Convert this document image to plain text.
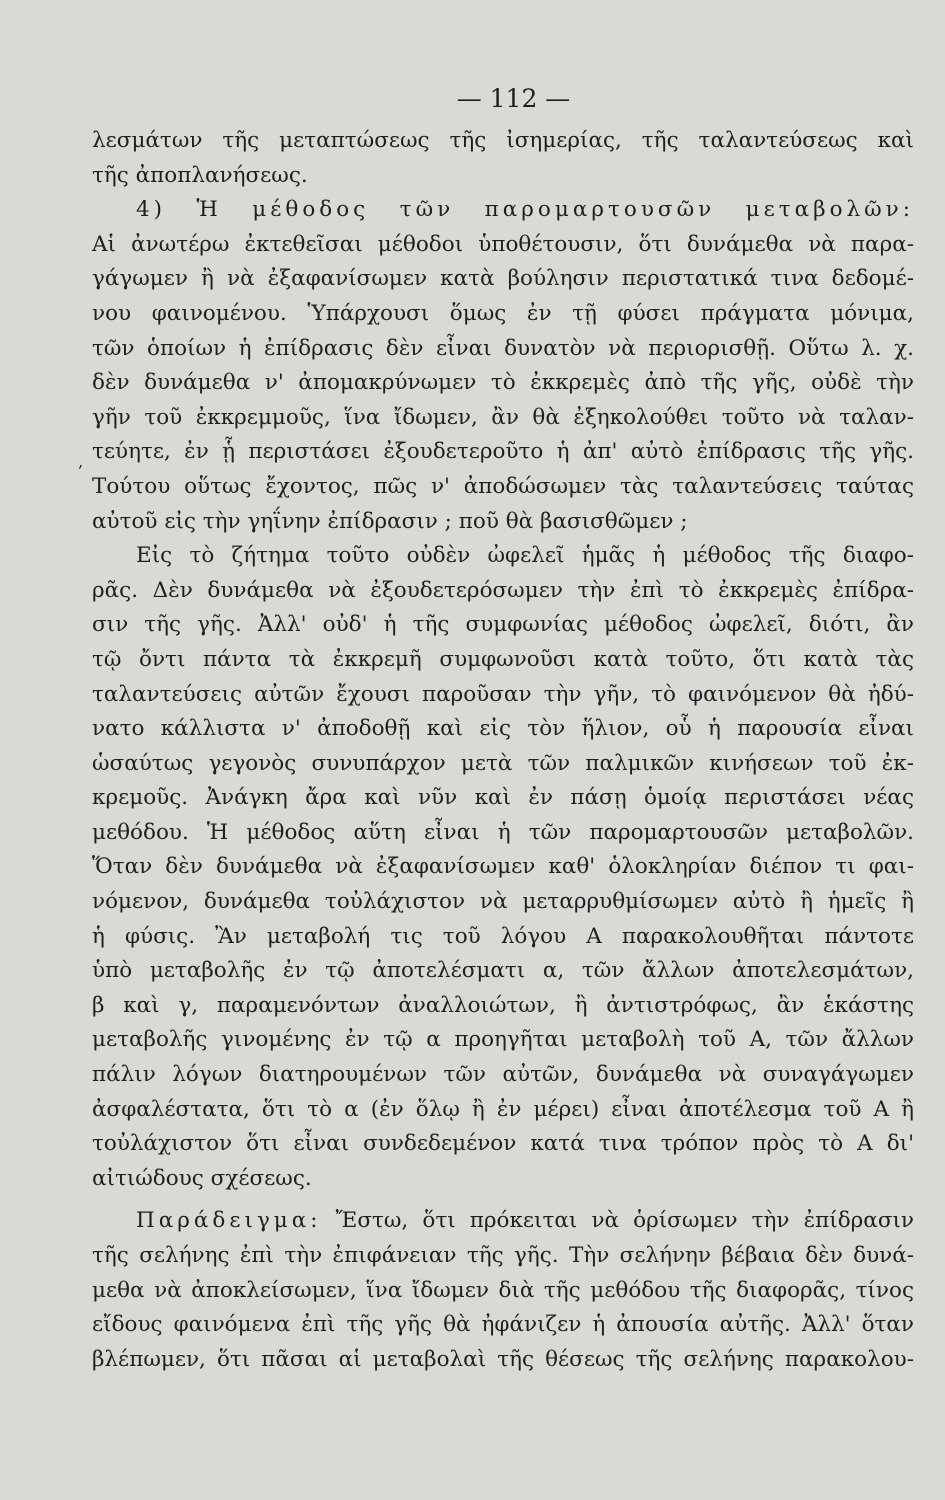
— 112 —
‚
λεσμάτων τῆς μεταπτώσεως τῆς ἰσημερίας, τῆς ταλαντεύσεως καὶ
τῆς ἀποπλανήσεως.
4) Ἡ μέθοδος τῶν παρομαρτουσῶν μεταβολῶν:
Αἱ ἀνωτέρω ἐκτεθεῖσαι μέθοδοι ὑποθέτουσιν, ὅτι δυνάμεθα νὰ παρα-
γάγωμεν ἢ νὰ ἐξαφανίσωμεν κατὰ βούλησιν περιστατικά τινα δεδομέ-
νου φαινομένου. Ὑπάρχουσι ὅμως ἐν τῇ φύσει πράγματα μόνιμα,
τῶν ὁποίων ἡ ἐπίδρασις δὲν εἶναι δυνατὸν νὰ περιορισθῇ. Οὕτω λ. χ.
δὲν δυνάμεθα ν' ἀπομακρύνωμεν τὸ ἐκκρεμὲς ἀπὸ τῆς γῆς, οὐδὲ τὴν
γῆν τοῦ ἐκκρεμμοῦς, ἵνα ἴδωμεν, ἂν θὰ ἐξηκολούθει τοῦτο νὰ ταλαν-
τεύητε, ἐν ᾗ περιστάσει ἐξουδετεροῦτο ἡ ἀπ' αὐτὸ ἐπίδρασις τῆς γῆς.
Τούτου οὕτως ἔχοντος, πῶς ν' ἀποδώσωμεν τὰς ταλαντεύσεις ταύτας
αὐτοῦ εἰς τὴν γηΐνην ἐπίδρασιν ; ποῦ θὰ βασισθῶμεν ;
Εἰς τὸ ζήτημα τοῦτο οὐδὲν ὠφελεῖ ἡμᾶς ἡ μέθοδος τῆς διαφο-
ρᾶς. Δὲν δυνάμεθα νὰ ἐξουδετερόσωμεν τὴν ἐπὶ τὸ ἐκκρεμὲς ἐπίδρα-
σιν τῆς γῆς. Ἀλλ' οὐδ' ἡ τῆς συμφωνίας μέθοδος ὠφελεῖ, διότι, ἂν
τῷ ὄντι πάντα τὰ ἐκκρεμῆ συμφωνοῦσι κατὰ τοῦτο, ὅτι κατὰ τὰς
ταλαντεύσεις αὐτῶν ἔχουσι παροῦσαν τὴν γῆν, τὸ φαινόμενον θὰ ἠδύ-
νατο κάλλιστα ν' ἀποδοθῇ καὶ εἰς τὸν ἥλιον, οὗ ἡ παρουσία εἶναι
ὡσαύτως γεγονὸς συνυπάρχον μετὰ τῶν παλμικῶν κινήσεων τοῦ ἐκ-
κρεμοῦς. Ἀνάγκη ἄρα καὶ νῦν καὶ ἐν πάσῃ ὁμοίᾳ περιστάσει νέας
μεθόδου. Ἡ μέθοδος αὕτη εἶναι ἡ τῶν παρομαρτουσῶν μεταβολῶν.
Ὅταν δὲν δυνάμεθα νὰ ἐξαφανίσωμεν καθ' ὁλοκληρίαν διέπον τι φαι-
νόμενον, δυνάμεθα τοὐλάχιστον νὰ μεταρρυθμίσωμεν αὐτὸ ἢ ἡμεῖς ἢ
ἡ φύσις. Ἂν μεταβολή τις τοῦ λόγου Α παρακολουθῆται πάντοτε
ὑπὸ μεταβολῆς ἐν τῷ ἀποτελέσματι α, τῶν ἄλλων ἀποτελεσμάτων,
β καὶ γ, παραμενόντων ἀναλλοιώτων, ἢ ἀντιστρόφως, ἂν ἑκάστης
μεταβολῆς γινομένης ἐν τῷ α προηγῆται μεταβολὴ τοῦ Α, τῶν ἄλλων
πάλιν λόγων διατηρουμένων τῶν αὐτῶν, δυνάμεθα νὰ συναγάγωμεν
ἀσφαλέστατα, ὅτι τὸ α (ἐν ὅλῳ ἢ ἐν μέρει) εἶναι ἀποτέλεσμα τοῦ Α ἢ
τοὐλάχιστον ὅτι εἶναι συνδεδεμένον κατά τινα τρόπον πρὸς τὸ Α δι'
αἰτιώδους σχέσεως.
Παράδειγμα: Ἔστω, ὅτι πρόκειται νὰ ὁρίσωμεν τὴν ἐπίδρασιν
τῆς σελήνης ἐπὶ τὴν ἐπιφάνειαν τῆς γῆς. Τὴν σελήνην βέβαια δὲν δυνά-
μεθα νὰ ἀποκλείσωμεν, ἵνα ἴδωμεν διὰ τῆς μεθόδου τῆς διαφορᾶς, τίνος
εἴδους φαινόμενα ἐπὶ τῆς γῆς θὰ ἠφάνιζεν ἡ ἀπουσία αὐτῆς. Ἀλλ' ὅταν
βλέπωμεν, ὅτι πᾶσαι αἱ μεταβολαὶ τῆς θέσεως τῆς σελήνης παρακολου-
